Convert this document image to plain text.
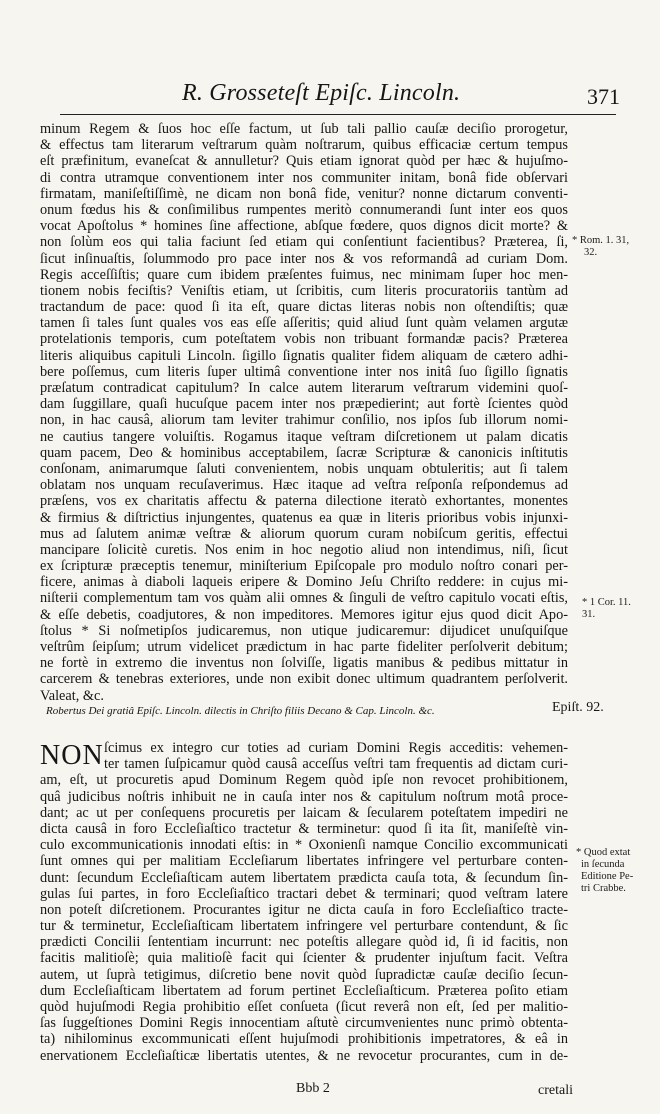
R. Grosseteſt Epiſc. Lincoln.	371
minum Regem & ſuos hoc eſſe factum, ut ſub tali pallio cauſæ deciſio prorogetur,
& effectus tam literarum veſtrarum quàm noſtrarum, quibus efficaciæ certum tempus
eſt præfinitum, evaneſcat & annulletur? Quis etiam ignorat quòd per hæc & hujuſmo-
di contra utramque conventionem inter nos communiter initam, bonâ fide obſervari
firmatam, maniſeſtiſſimè, ne dicam non bonâ fide, venitur? nonne dictarum conventi-
onum fœdus his & conſimilibus rumpentes meritò connumerandi ſunt inter eos quos
vocat Apoſtolus * homines ſine affectione, abſque fœdere, quos dignos dicit morte? &
non ſolùm eos qui talia faciunt ſed etiam qui conſentiunt facientibus? Præterea, ſi,
ſicut inſinuaſtis, ſolummodo pro pace inter nos & vos reformandâ ad curiam Dom.
Regis acceſſiſtis; quare cum ibidem præſentes fuimus, nec minimam ſuper hoc men-
tionem nobis feciſtis? Veniſtis etiam, ut ſcribitis, cum literis procuratoriis tantùm ad
tractandum de pace: quod ſi ita eſt, quare dictas literas nobis non oſtendiſtis; quæ
tamen ſi tales ſunt quales vos eas eſſe aſſeritis; quid aliud ſunt quàm velamen argutæ
protelationis temporis, cum poteſtatem vobis non tribuant formandæ pacis? Præterea
literis aliquibus capituli Lincoln. ſigillo ſignatis qualiter fidem aliquam de cætero adhi-
bere poſſemus, cum literis ſuper ultimâ conventione inter nos initâ ſuo ſigillo ſignatis
præſatum contradicat capitulum? In calce autem literarum veſtrarum videmini quoſ-
dam ſuggillare, quaſi hucuſque pacem inter nos præpedierint; aut fortè ſcientes quòd
non, in hac causâ, aliorum tam leviter trahimur conſilio, nos ipſos ſub illorum nomi-
ne cautius tangere voluiſtis. Rogamus itaque veſtram diſcretionem ut palam dicatis
quam pacem, Deo & hominibus acceptabilem, ſacræ Scripturæ & canonicis inſtitutis
conſonam, animarumque ſaluti convenientem, nobis unquam obtuleritis; aut ſi talem
oblatam nos unquam recuſaverimus. Hæc itaque ad veſtra reſponſa reſpondemus ad
præſens, vos ex charitatis affectu & paterna dilectione iteratò exhortantes, monentes
& firmius & diſtrictius injungentes, quatenus ea quæ in literis prioribus vobis injunxi-
mus ad ſalutem animæ veſtræ & aliorum quorum curam nobiſcum geritis, effectui
mancipare ſolicitè curetis. Nos enim in hoc negotio aliud non intendimus, niſi, ſicut
ex ſcripturæ præceptis tenemur, miniſterium Epiſcopale pro modulo noſtro conari per-
ficere, animas à diaboli laqueis eripere & Domino Jeſu Chriſto reddere: in cujus mi-
niſterii complementum tam vos quàm alii omnes & ſinguli de veſtro capitulo vocati eſtis,
& eſſe debetis, coadjutores, & non impeditores. Memores igitur ejus quod dicit Apo-
ſtolus * Si noſmetipſos judicaremus, non utique judicaremur: dijudicet unuſquiſque
veſtrûm ſeipſum; utrum videlicet prædictum in hac parte fideliter perſolverit debitum;
ne fortè in extremo die inventus non ſolviſſe, ligatis manibus & pedibus mittatur in
carcerem & tenebras exteriores, unde non exibit donec ultimum quadrantem perſolverit.
Valeat, &c.
* Rom. 1. 31,
32.
* 1 Cor. 11.
31.
Robertus Dei gratiâ Epiſc. Lincoln. dilectis in Chriſto filiis Decano & Cap. Lincoln. &c.	Epiſt. 92.
NON ſcimus ex integro cur toties ad curiam Domini Regis acceditis: vehemen-
ter tamen ſuſpicamur quòd causâ acceſſus veſtri tam frequentis ad dictam curi-
am, eſt, ut procuretis apud Dominum Regem quòd ipſe non revocet prohibitionem,
quâ judicibus noſtris inhibuit ne in cauſa inter nos & capitulum noſtrum motâ proce-
dant; ac ut per conſequens procuretis per laicam & ſecularem poteſtatem impediri ne
dicta causâ in foro Eccleſiaſtico tractetur & terminetur: quod ſi ita ſit, maniſeſtè vin-
culo excommunicationis innodati eſtis: in * Oxonienſi namque Concilio excommunicati
ſunt omnes qui per malitiam Eccleſiarum libertates infringere vel perturbare conten-
dunt: ſecundum Eccleſiaſticam autem libertatem prædicta cauſa tota, & ſecundum ſin-
gulas ſui partes, in foro Eccleſiaſtico tractari debet & terminari; quod veſtram latere
non poteſt diſcretionem. Procurantes igitur ne dicta cauſa in foro Eccleſiaſtico tracte-
tur & terminetur, Eccleſiaſticam libertatem infringere vel perturbare contendunt, & ſic
prædicti Concilii ſententiam incurrunt: nec poteſtis allegare quòd id, ſi id facitis, non
facitis malitioſè; quia malitioſè facit qui ſcienter & prudenter injuſtum facit. Veſtra
autem, ut ſuprà tetigimus, diſcretio bene novit quòd ſupradictæ cauſæ deciſio ſecun-
dum Eccleſiaſticam libertatem ad forum pertinet Eccleſiaſticum. Præterea poſito etiam
quòd hujuſmodi Regia prohibitio eſſet conſueta (ſicut reverâ non eſt, ſed per malitio-
ſas ſuggeſtiones Domini Regis innocentiam aſtutè circumvenientes nunc primò obtenta-
ta) nihilominus excommunicati eſſent hujuſmodi prohibitionis impetratores, & eâ in
enervationem Eccleſiaſticæ libertatis utentes, & ne revocetur procurantes, cum in de-
* Quod extat
in ſecunda
Editione Pe-
tri Crabbe.
Bbb 2	cretali
